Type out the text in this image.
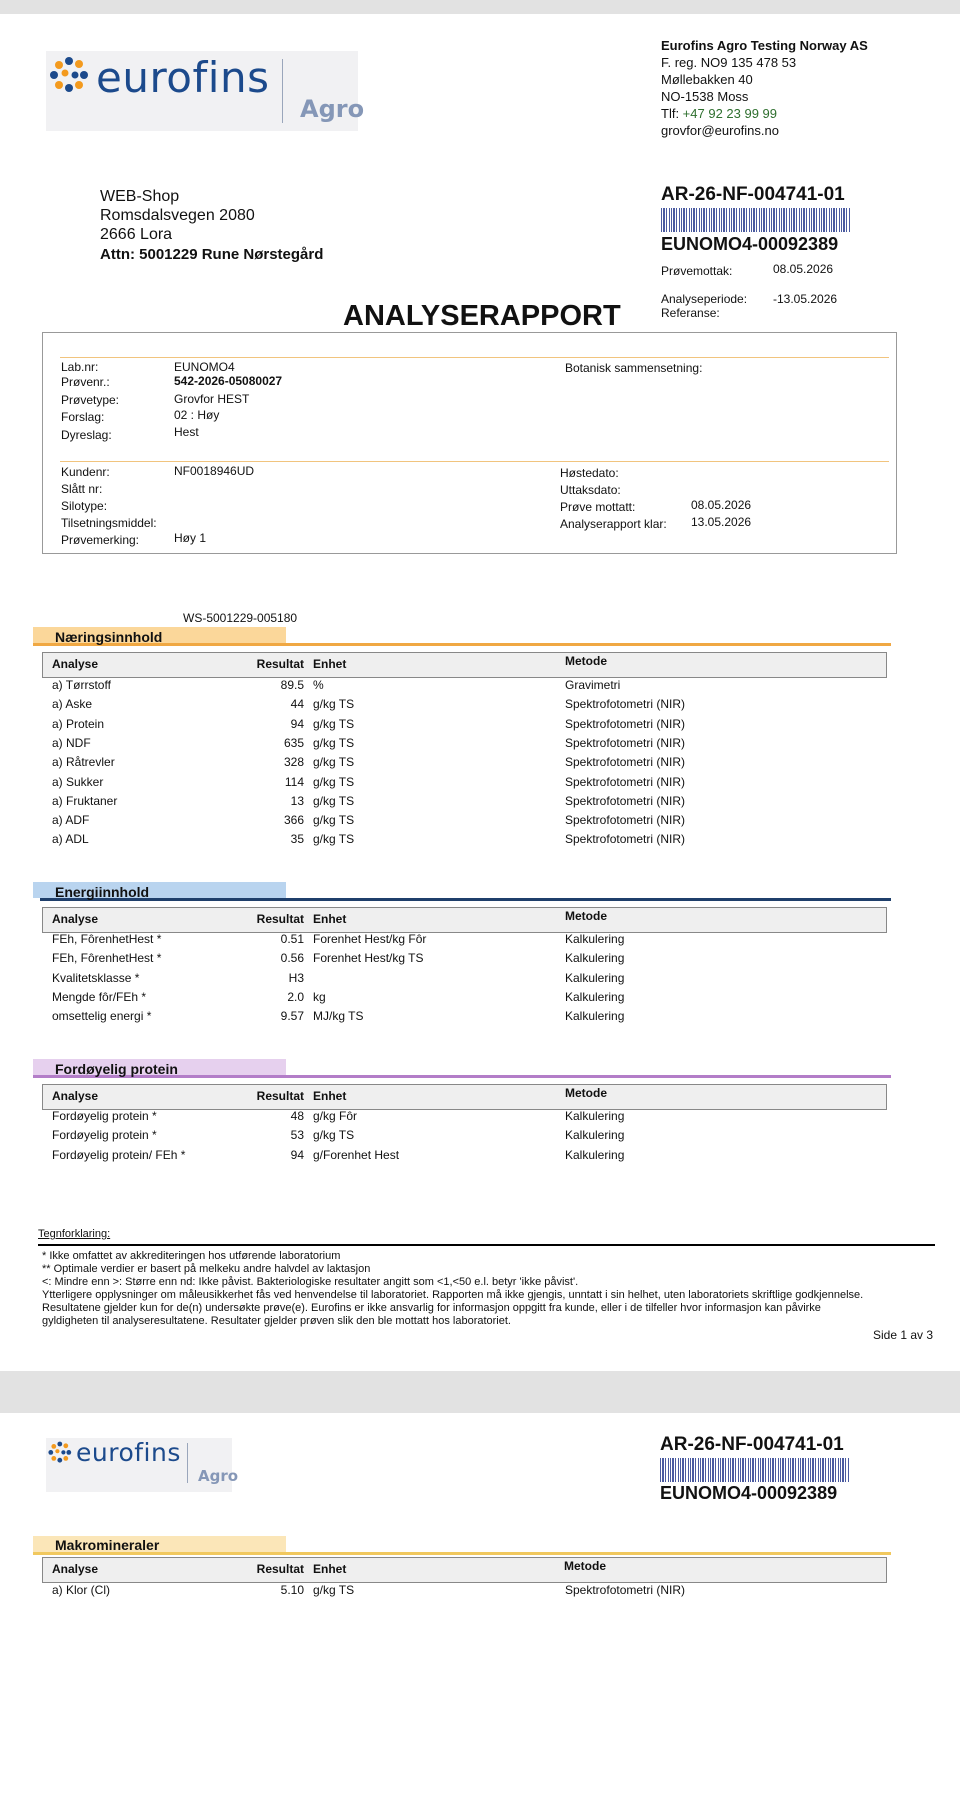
eurofins
Agro
Eurofins Agro Testing Norway AS
F. reg. NO9 135 478 53
Møllebakken 40
NO-1538 Moss
Tlf: +47 92 23 99 99
grovfor@eurofins.no
WEB-Shop
Romsdalsvegen 2080
2666 Lora
Attn: 5001229 Rune Nørstegård
AR-26-NF-004741-01
EUNOMO4-00092389
Prøvemottak:	08.05.2026
Analyseperiode: -13.05.2026
Referanse:
ANALYSERAPPORT
Lab.nr:	EUNOMO4
Prøvenr.:	542-2026-05080027
Prøvetype:	Grovfor HEST
Forslag:	02 : Høy
Dyreslag:	Hest
Botanisk sammensetning:
Kundenr:	NF0018946UD
Slått nr:
Silotype:
Tilsetningsmiddel:
Prøvemerking:	Høy 1
Høstedato:
Uttaksdato:
Prøve mottatt:	08.05.2026
Analyserapport klar: 13.05.2026
WS-5001229-005180
Næringsinnhold
Analyse	Resultat Enhet	Metode
a) Tørrstoff	89.5 %	Gravimetri
a) Aske	44 g/kg TS	Spektrofotometri (NIR)
a) Protein	94 g/kg TS	Spektrofotometri (NIR)
a) NDF	635 g/kg TS	Spektrofotometri (NIR)
a) Råtrevler	328 g/kg TS	Spektrofotometri (NIR)
a) Sukker	114 g/kg TS	Spektrofotometri (NIR)
a) Fruktaner	13 g/kg TS	Spektrofotometri (NIR)
a) ADF	366 g/kg TS	Spektrofotometri (NIR)
a) ADL	35 g/kg TS	Spektrofotometri (NIR)
Energiinnhold
Analyse	Resultat Enhet	Metode
FEh, FôrenhetHest *	0.51 Forenhet Hest/kg Fôr	Kalkulering
FEh, FôrenhetHest *	0.56 Forenhet Hest/kg TS	Kalkulering
Kvalitetsklasse *	H3	Kalkulering
Mengde fôr/FEh *	2.0 kg	Kalkulering
omsettelig energi *	9.57 MJ/kg TS	Kalkulering
Fordøyelig protein
Analyse	Resultat Enhet	Metode
Fordøyelig protein *	48 g/kg Fôr	Kalkulering
Fordøyelig protein *	53 g/kg TS	Kalkulering
Fordøyelig protein/ FEh *	94 g/Forenhet Hest	Kalkulering
Tegnforklaring:
* Ikke omfattet av akkrediteringen hos utførende laboratorium
** Optimale verdier er basert på melkeku andre halvdel av laktasjon
<: Mindre enn >: Større enn nd: Ikke påvist. Bakteriologiske resultater angitt som <1,<50 e.l. betyr 'ikke påvist'.
Ytterligere opplysninger om måleusikkerhet fås ved henvendelse til laboratoriet. Rapporten må ikke gjengis, unntatt i sin helhet, uten laboratoriets skriftlige godkjennelse.
Resultatene gjelder kun for de(n) undersøkte prøve(e). Eurofins er ikke ansvarlig for informasjon oppgitt fra kunde, eller i de tilfeller hvor informasjon kan påvirke
gyldigheten til analyseresultatene. Resultater gjelder prøven slik den ble mottatt hos laboratoriet.
Side 1 av 3
eurofins
Agro
AR-26-NF-004741-01
EUNOMO4-00092389
Makromineraler
Analyse	Resultat Enhet	Metode
a) Klor (Cl)	5.10 g/kg TS	Spektrofotometri (NIR)
